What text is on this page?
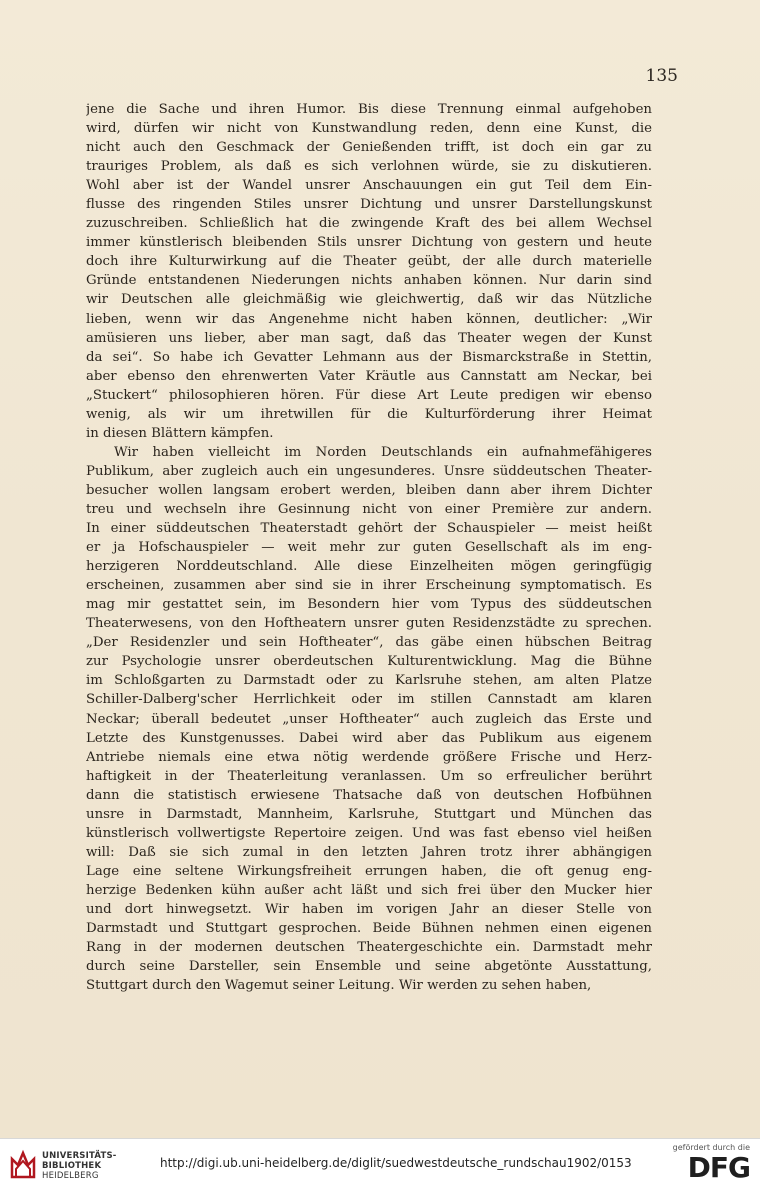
135
jene die Sache und ihren Humor. Bis diese Trennung einmal aufgehoben
wird, dürfen wir nicht von Kunstwandlung reden, denn eine Kunst, die
nicht auch den Geschmack der Genießenden trifft, ist doch ein gar zu
trauriges Problem, als daß es sich verlohnen würde, sie zu diskutieren.
Wohl aber ist der Wandel unsrer Anschauungen ein gut Teil dem Ein-
flusse des ringenden Stiles unsrer Dichtung und unsrer Darstellungskunst
zuzuschreiben. Schließlich hat die zwingende Kraft des bei allem Wechsel
immer künstlerisch bleibenden Stils unsrer Dichtung von gestern und heute
doch ihre Kulturwirkung auf die Theater geübt, der alle durch materielle
Gründe entstandenen Niederungen nichts anhaben können. Nur darin sind
wir Deutschen alle gleichmäßig wie gleichwertig, daß wir das Nützliche
lieben, wenn wir das Angenehme nicht haben können, deutlicher: „Wir
amüsieren uns lieber, aber man sagt, daß das Theater wegen der Kunst
da sei“. So habe ich Gevatter Lehmann aus der Bismarckstraße in Stettin,
aber ebenso den ehrenwerten Vater Kräutle aus Cannstatt am Neckar, bei
„Stuckert“ philosophieren hören. Für diese Art Leute predigen wir ebenso
wenig, als wir um ihretwillen für die Kulturförderung ihrer Heimat
in diesen Blättern kämpfen.
Wir haben vielleicht im Norden Deutschlands ein aufnahmefähigeres
Publikum, aber zugleich auch ein ungesunderes. Unsre süddeutschen Theater-
besucher wollen langsam erobert werden, bleiben dann aber ihrem Dichter
treu und wechseln ihre Gesinnung nicht von einer Première zur andern.
In einer süddeutschen Theaterstadt gehört der Schauspieler — meist heißt
er ja Hofschauspieler — weit mehr zur guten Gesellschaft als im eng-
herzigeren Norddeutschland. Alle diese Einzelheiten mögen geringfügig
erscheinen, zusammen aber sind sie in ihrer Erscheinung symptomatisch. Es
mag mir gestattet sein, im Besondern hier vom Typus des süddeutschen
Theaterwesens, von den Hoftheatern unsrer guten Residenzstädte zu sprechen.
„Der Residenzler und sein Hoftheater“, das gäbe einen hübschen Beitrag
zur Psychologie unsrer oberdeutschen Kulturentwicklung. Mag die Bühne
im Schloßgarten zu Darmstadt oder zu Karlsruhe stehen, am alten Platze
Schiller-Dalberg'scher Herrlichkeit oder im stillen Cannstadt am klaren
Neckar; überall bedeutet „unser Hoftheater“ auch zugleich das Erste und
Letzte des Kunstgenusses. Dabei wird aber das Publikum aus eigenem
Antriebe niemals eine etwa nötig werdende größere Frische und Herz-
haftigkeit in der Theaterleitung veranlassen. Um so erfreulicher berührt
dann die statistisch erwiesene Thatsache daß von deutschen Hofbühnen
unsre in Darmstadt, Mannheim, Karlsruhe, Stuttgart und München das
künstlerisch vollwertigste Repertoire zeigen. Und was fast ebenso viel heißen
will: Daß sie sich zumal in den letzten Jahren trotz ihrer abhängigen
Lage eine seltene Wirkungsfreiheit errungen haben, die oft genug eng-
herzige Bedenken kühn außer acht läßt und sich frei über den Mucker hier
und dort hinwegsetzt. Wir haben im vorigen Jahr an dieser Stelle von
Darmstadt und Stuttgart gesprochen. Beide Bühnen nehmen einen eigenen
Rang in der modernen deutschen Theatergeschichte ein. Darmstadt mehr
durch seine Darsteller, sein Ensemble und seine abgetönte Ausstattung,
Stuttgart durch den Wagemut seiner Leitung. Wir werden zu sehen haben,
UNIVERSITÄTS-
BIBLIOTHEK
HEIDELBERG
http://digi.ub.uni-heidelberg.de/diglit/suedwestdeutsche_rundschau1902/0153
gefördert durch die
DFG
